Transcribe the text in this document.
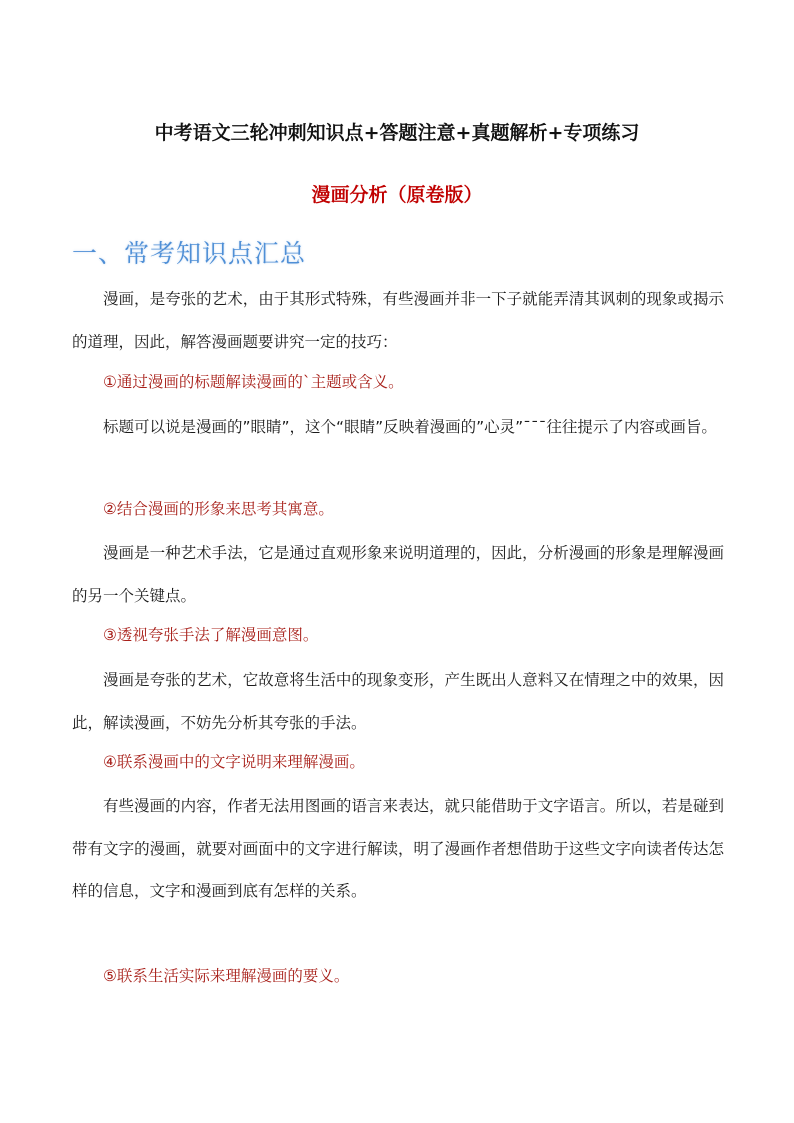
中考语文三轮冲刺知识点+答题注意+真题解析+专项练习
漫画分析（原卷版）
一、常考知识点汇总
漫画，是夸张的艺术，由于其形式特殊，有些漫画并非一下子就能弄清其讽刺的现象或揭示的道理，因此，解答漫画题要讲究一定的技巧：
①通过漫画的标题解读漫画的`主题或含义。
标题可以说是漫画的”眼睛”，这个“眼睛”反映着漫画的”心灵”¯¯¯往往提示了内容或画旨。
②结合漫画的形象来思考其寓意。
漫画是一种艺术手法，它是通过直观形象来说明道理的，因此，分析漫画的形象是理解漫画的另一个关键点。
③透视夸张手法了解漫画意图。
漫画是夸张的艺术，它故意将生活中的现象变形，产生既出人意料又在情理之中的效果，因此，解读漫画，不妨先分析其夸张的手法。
④联系漫画中的文字说明来理解漫画。
有些漫画的内容，作者无法用图画的语言来表达，就只能借助于文字语言。所以，若是碰到带有文字的漫画，就要对画面中的文字进行解读，明了漫画作者想借助于这些文字向读者传达怎样的信息，文字和漫画到底有怎样的关系。
⑤联系生活实际来理解漫画的要义。
